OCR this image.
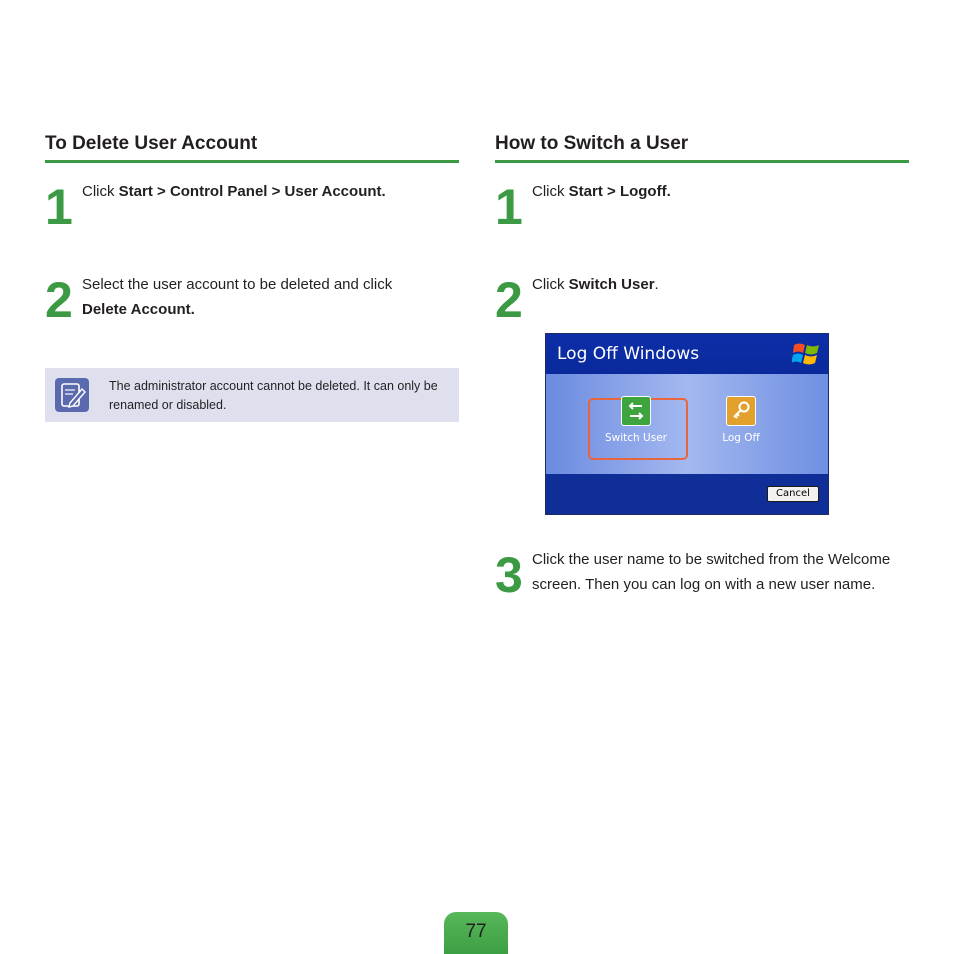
To Delete User Account
1 Click Start > Control Panel > User Account.
2 Select the user account to be deleted and click
Delete Account.
The administrator account cannot be deleted. It can only be renamed or disabled.
How to Switch a User
1 Click Start > Logoff.
2 Click Switch User.
Log Off Windows
Switch User	Log Off
Cancel
3 Click the user name to be switched from the Welcome screen. Then you can log on with a new user name.
77
